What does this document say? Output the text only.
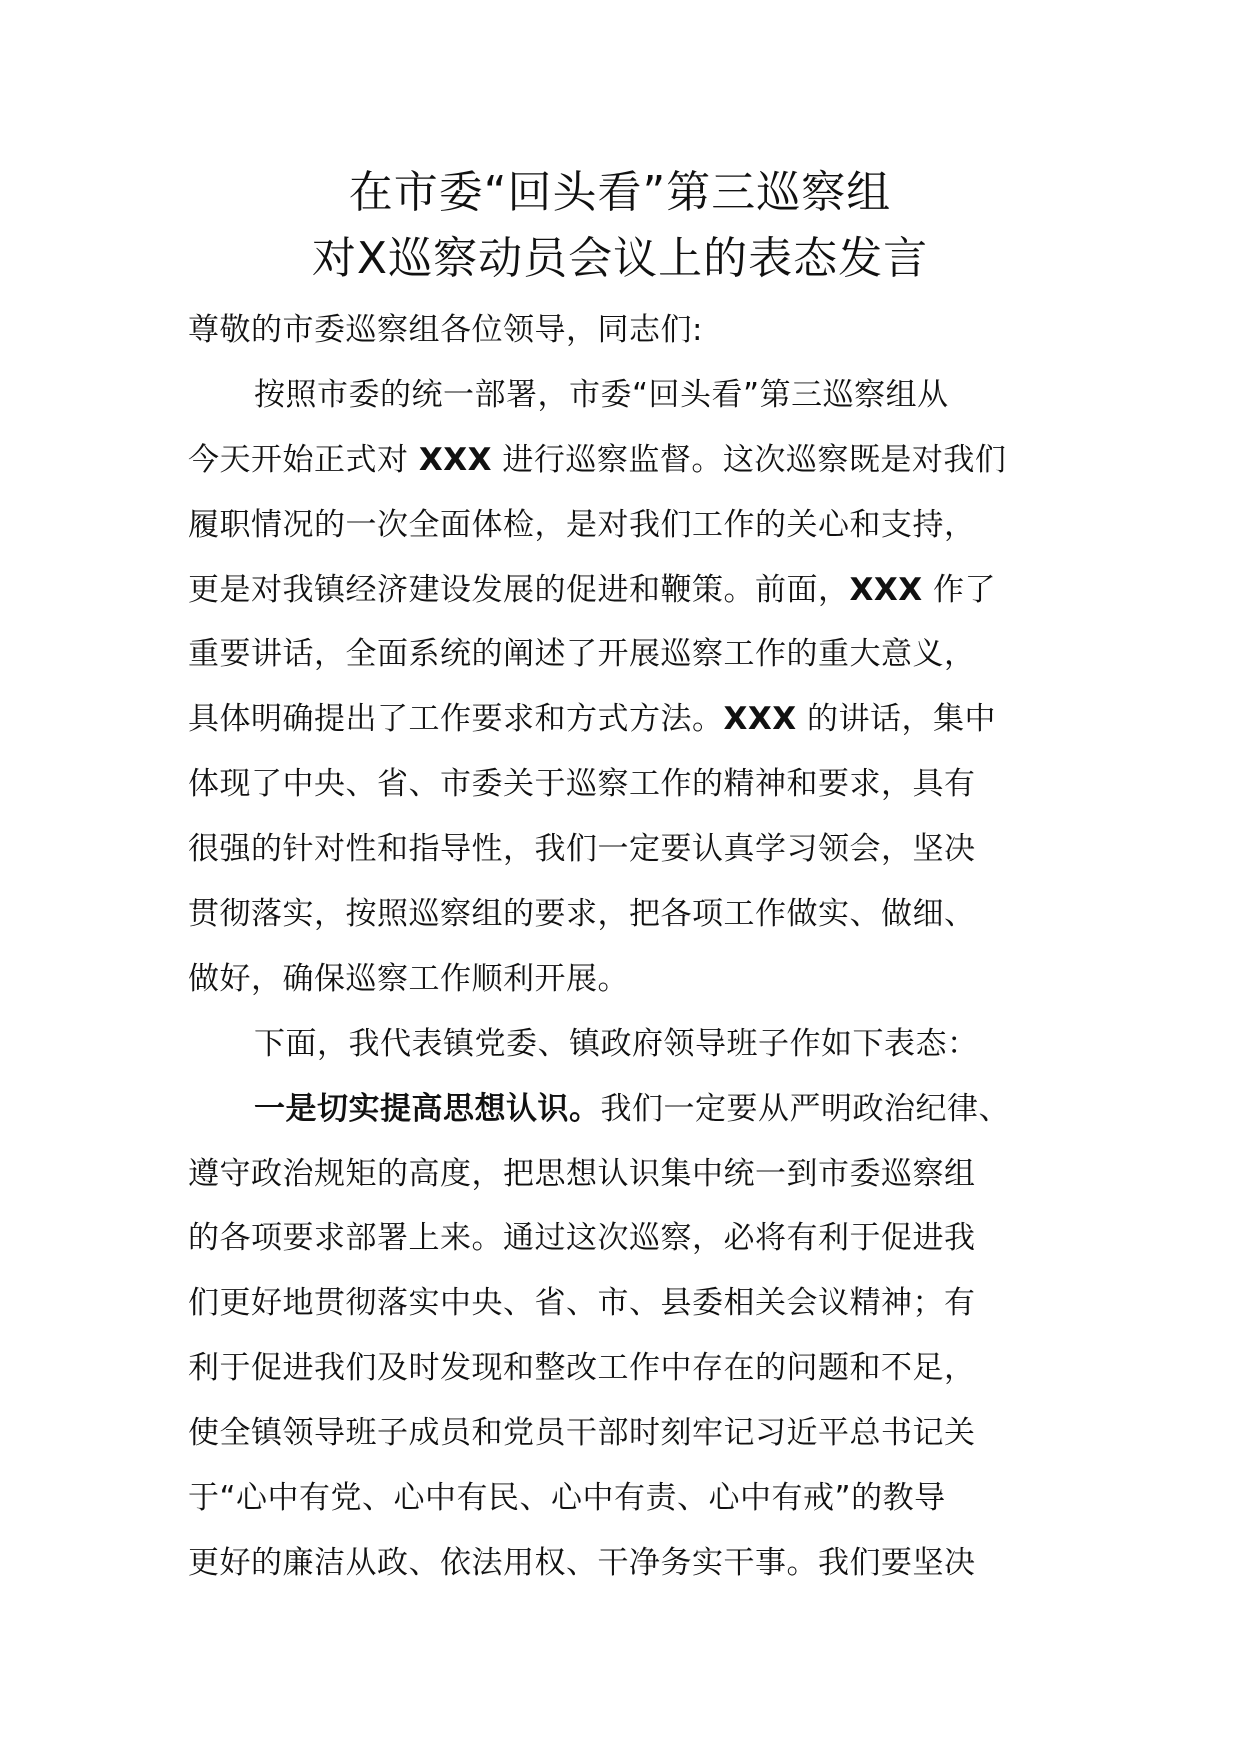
在市委“回头看”第三巡察组
对X巡察动员会议上的表态发言
尊敬的市委巡察组各位领导，同志们:
按照市委的统一部署，市委“回头看”第三巡察组从
今天开始正式对 XXX 进行巡察监督。这次巡察既是对我们
履职情况的一次全面体检，是对我们工作的关心和支持，
更是对我镇经济建设发展的促进和鞭策。前面，XXX 作了
重要讲话，全面系统的阐述了开展巡察工作的重大意义，
具体明确提出了工作要求和方式方法。XXX 的讲话，集中
体现了中央、省、市委关于巡察工作的精神和要求，具有
很强的针对性和指导性，我们一定要认真学习领会，坚决
贯彻落实，按照巡察组的要求，把各项工作做实、做细、
做好，确保巡察工作顺利开展。
下面，我代表镇党委、镇政府领导班子作如下表态：
一是切实提高思想认识。我们一定要从严明政治纪律、
遵守政治规矩的高度，把思想认识集中统一到市委巡察组
的各项要求部署上来。通过这次巡察，必将有利于促进我
们更好地贯彻落实中央、省、市、县委相关会议精神；有
利于促进我们及时发现和整改工作中存在的问题和不足，
使全镇领导班子成员和党员干部时刻牢记习近平总书记关
于“心中有党、心中有民、心中有责、心中有戒”的教导
更好的廉洁从政、依法用权、干净务实干事。我们要坚决
